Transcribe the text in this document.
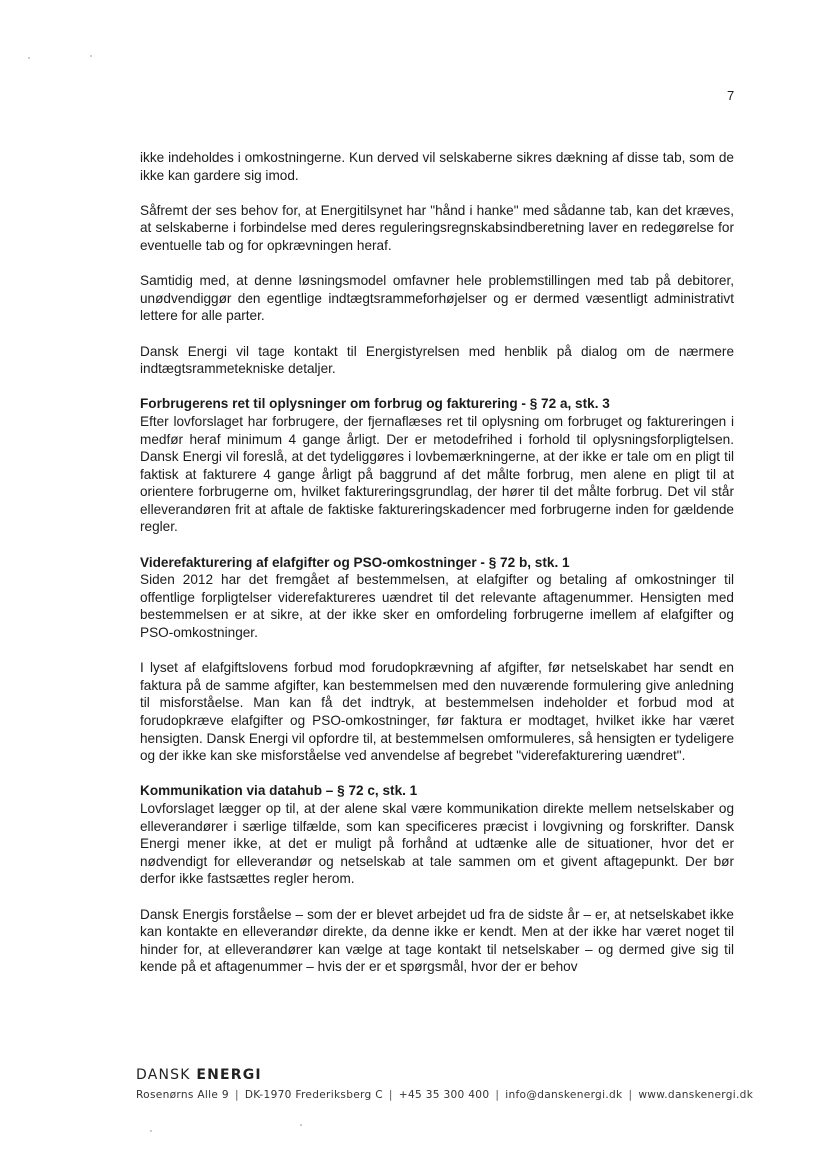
7

ikke indeholdes i omkostningerne. Kun derved vil selskaberne sikres dækning af disse tab, som de ikke kan gardere sig imod.

Såfremt der ses behov for, at Energitilsynet har "hånd i hanke" med sådanne tab, kan det kræves, at selskaberne i forbindelse med deres reguleringsregnskabsindberetning laver en redegørelse for eventuelle tab og for opkrævningen heraf.

Samtidig med, at denne løsningsmodel omfavner hele problemstillingen med tab på debitorer, unødvendiggør den egentlige indtægtsrammeforhøjelser og er dermed væsentligt administrativt lettere for alle parter.

Dansk Energi vil tage kontakt til Energistyrelsen med henblik på dialog om de nærmere indtægtsrammetekniske detaljer.

Forbrugerens ret til oplysninger om forbrug og fakturering - § 72 a, stk. 3

Efter lovforslaget har forbrugere, der fjernaflæses ret til oplysning om forbruget og faktureringen i medfør heraf minimum 4 gange årligt. Der er metodefrihed i forhold til oplysningsforpligtelsen. Dansk Energi vil foreslå, at det tydeliggøres i lovbemærkningerne, at der ikke er tale om en pligt til faktisk at fakturere 4 gange årligt på baggrund af det målte forbrug, men alene en pligt til at orientere forbrugerne om, hvilket faktureringsgrundlag, der hører til det målte forbrug. Det vil står elleverandøren frit at aftale de faktiske faktureringskadencer med forbrugerne inden for gældende regler.

Viderefakturering af elafgifter og PSO-omkostninger - § 72 b, stk. 1

Siden 2012 har det fremgået af bestemmelsen, at elafgifter og betaling af omkostninger til offentlige forpligtelser viderefaktureres uændret til det relevante aftagenummer. Hensigten med bestemmelsen er at sikre, at der ikke sker en omfordeling forbrugerne imellem af elafgifter og PSO-omkostninger.

I lyset af elafgiftslovens forbud mod forudopkrævning af afgifter, før netselskabet har sendt en faktura på de samme afgifter, kan bestemmelsen med den nuværende formulering give anledning til misforståelse. Man kan få det indtryk, at bestemmelsen indeholder et forbud mod at forudopkræve elafgifter og PSO-omkostninger, før faktura er modtaget, hvilket ikke har været hensigten. Dansk Energi vil opfordre til, at bestemmelsen omformuleres, så hensigten er tydeligere og der ikke kan ske misforståelse ved anvendelse af begrebet "viderefakturering uændret".

Kommunikation via datahub – § 72 c, stk. 1

Lovforslaget lægger op til, at der alene skal være kommunikation direkte mellem netselskaber og elleverandører i særlige tilfælde, som kan specificeres præcist i lovgivning og forskrifter. Dansk Energi mener ikke, at det er muligt på forhånd at udtænke alle de situationer, hvor det er nødvendigt for elleverandør og netselskab at tale sammen om et givent aftagepunkt. Der bør derfor ikke fastsættes regler herom.

Dansk Energis forståelse – som der er blevet arbejdet ud fra de sidste år – er, at netselskabet ikke kan kontakte en elleverandør direkte, da denne ikke er kendt. Men at der ikke har været noget til hinder for, at elleverandører kan vælge at tage kontakt til netselskaber – og dermed give sig til kende på et aftagenummer – hvis der er et spørgsmål, hvor der er behov

DANSK ENERGI
Rosenørns Alle 9 | DK-1970 Frederiksberg C | +45 35 300 400 | info@danskenergi.dk | www.danskenergi.dk
